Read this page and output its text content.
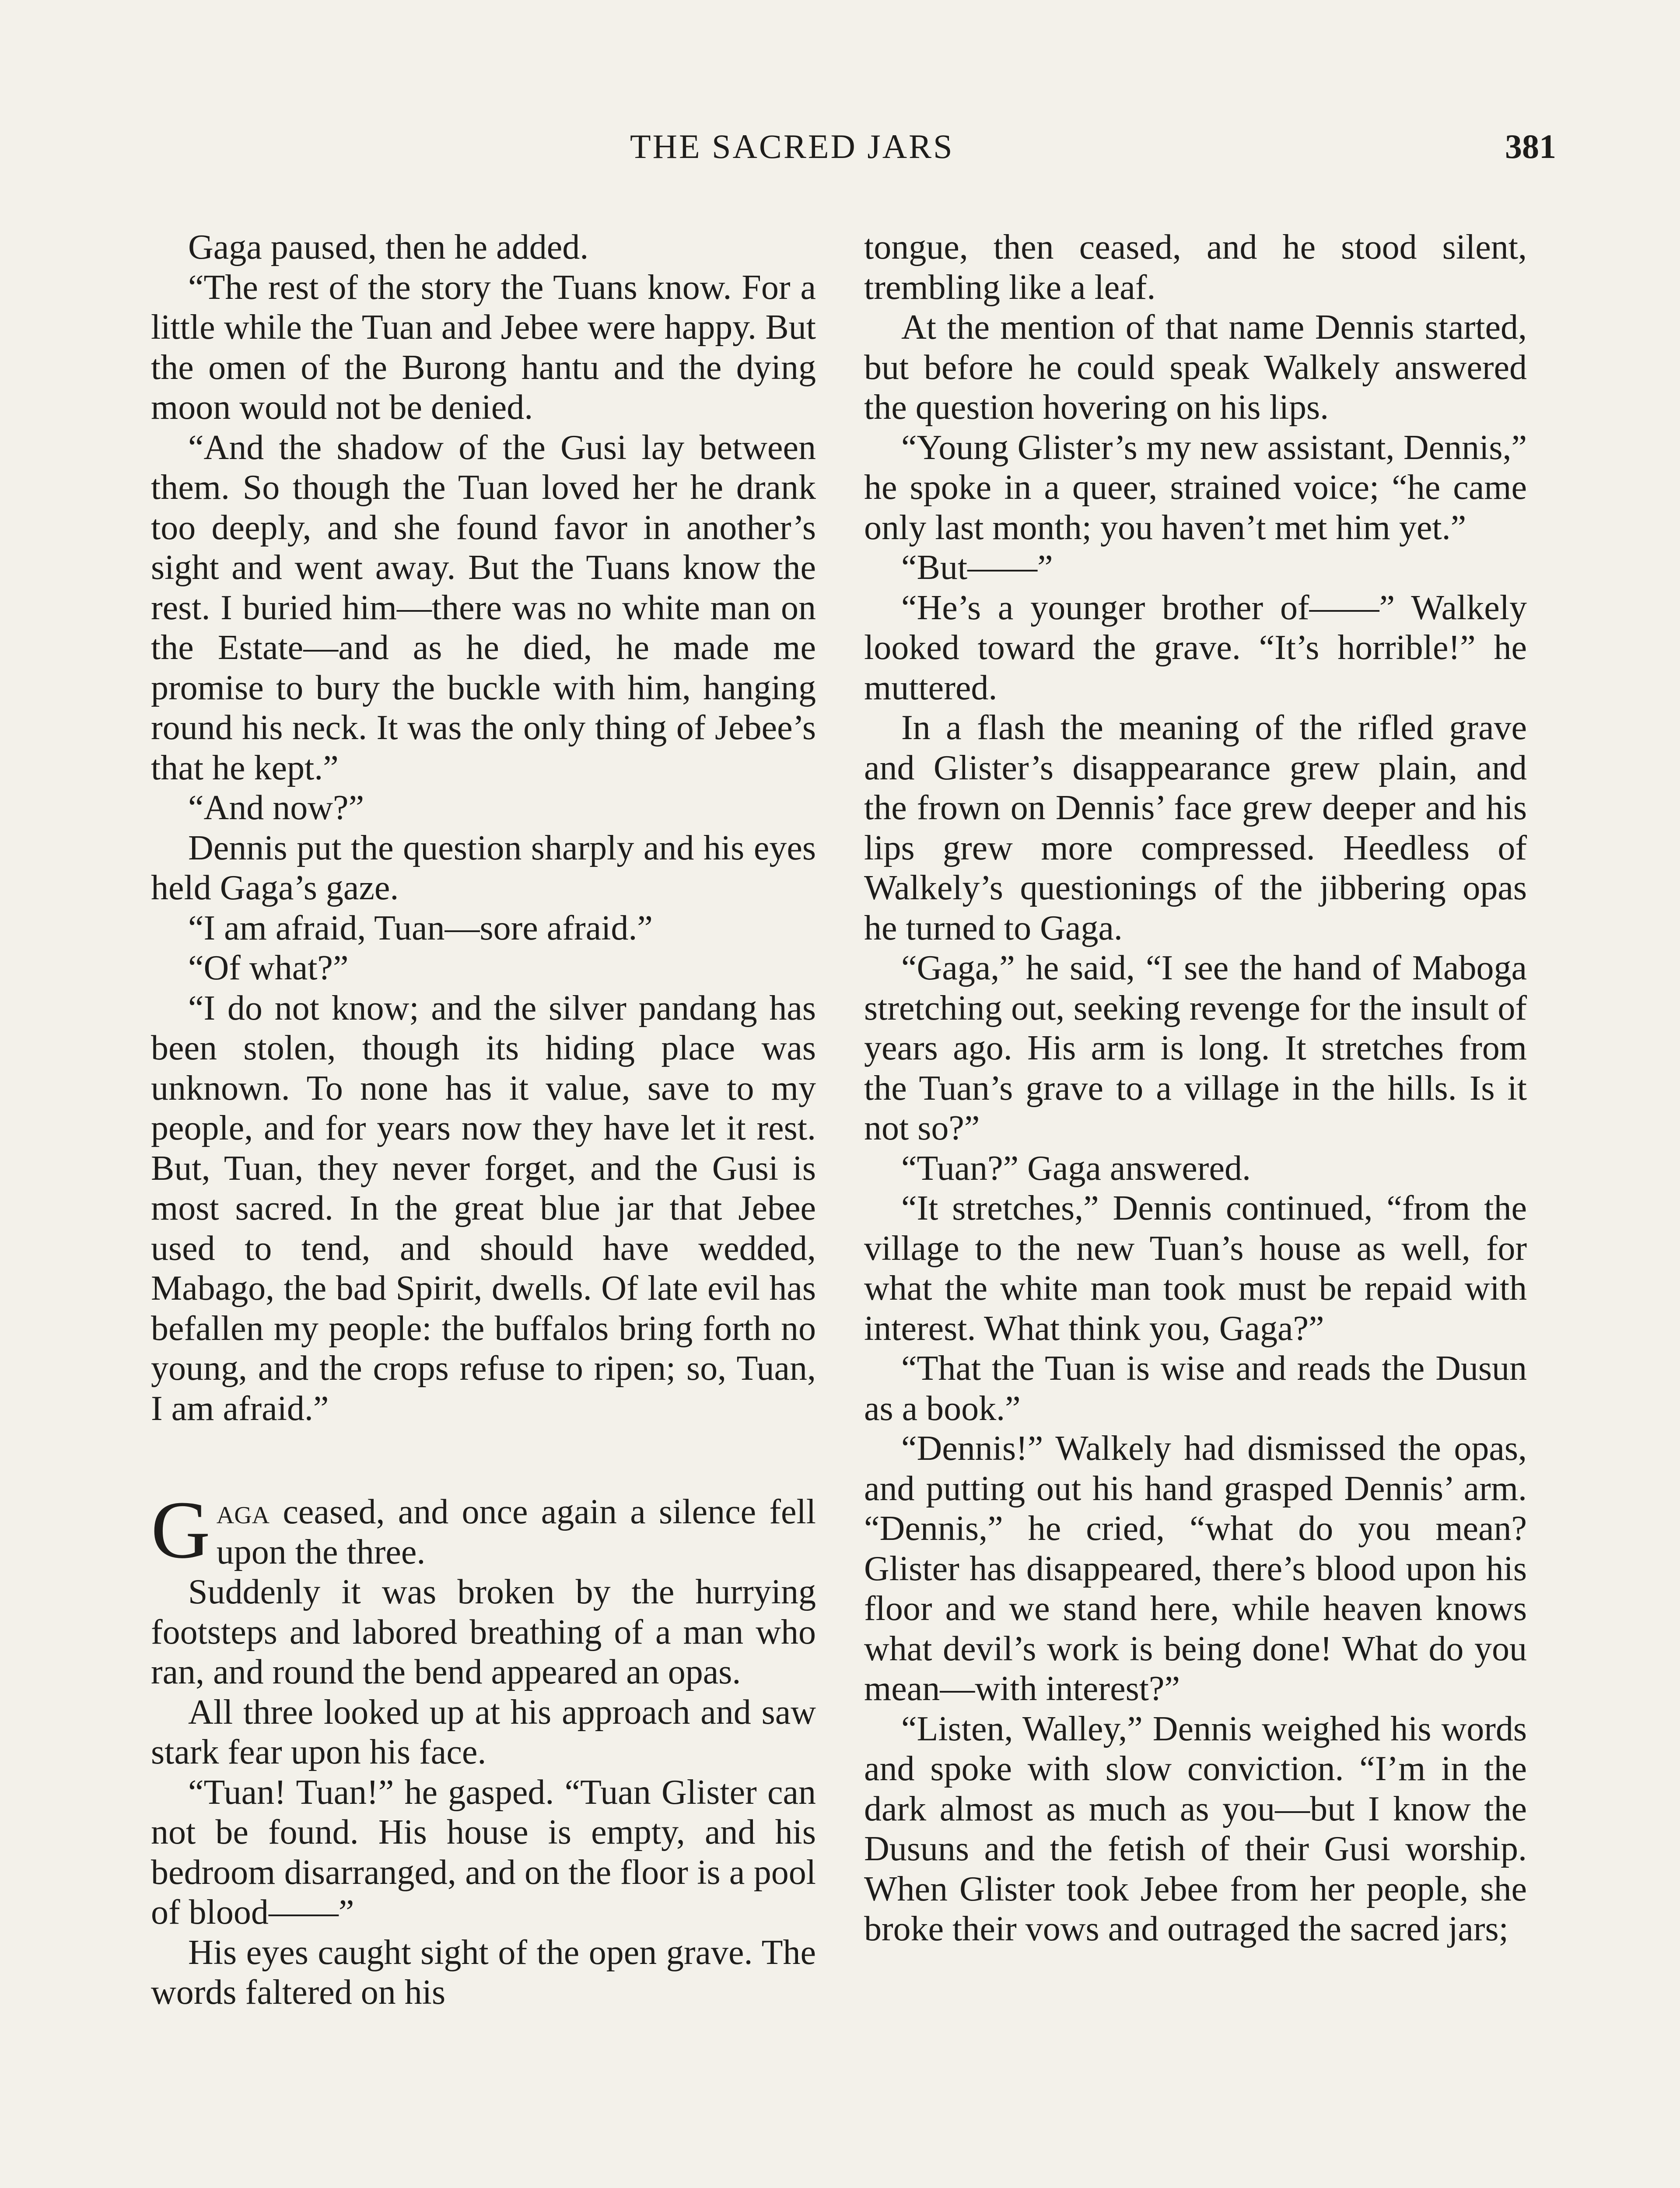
THE SACRED JARS	381

Gaga paused, then he added.

“The rest of the story the Tuans know. For a little while the Tuan and Jebee were happy. But the omen of the Burong hantu and the dying moon would not be denied.

“And the shadow of the Gusi lay between them. So though the Tuan loved her he drank too deeply, and she found favor in another’s sight and went away. But the Tuans know the rest. I buried him—there was no white man on the Estate—and as he died, he made me promise to bury the buckle with him, hanging round his neck. It was the only thing of Jebee’s that he kept.”

“And now?”

Dennis put the question sharply and his eyes held Gaga’s gaze.

“I am afraid, Tuan—sore afraid.”

“Of what?”

“I do not know; and the silver pandang has been stolen, though its hiding place was unknown. To none has it value, save to my people, and for years now they have let it rest. But, Tuan, they never forget, and the Gusi is most sacred. In the great blue jar that Jebee used to tend, and should have wedded, Mabago, the bad Spirit, dwells. Of late evil has befallen my people: the buffalos bring forth no young, and the crops refuse to ripen; so, Tuan, I am afraid.”

Gaga ceased, and once again a silence fell upon the three.

Suddenly it was broken by the hurrying footsteps and labored breathing of a man who ran, and round the bend appeared an opas.

All three looked up at his approach and saw stark fear upon his face.

“Tuan! Tuan!” he gasped. “Tuan Glister can not be found. His house is empty, and his bedroom disarranged, and on the floor is a pool of blood——”

His eyes caught sight of the open grave. The words faltered on his

tongue, then ceased, and he stood silent, trembling like a leaf.

At the mention of that name Dennis started, but before he could speak Walkely answered the question hovering on his lips.

“Young Glister’s my new assistant, Dennis,” he spoke in a queer, strained voice; “he came only last month; you haven’t met him yet.”

“But——”

“He’s a younger brother of——” Walkely looked toward the grave. “It’s horrible!” he muttered.

In a flash the meaning of the rifled grave and Glister’s disappearance grew plain, and the frown on Dennis’ face grew deeper and his lips grew more compressed. Heedless of Walkely’s questionings of the jibbering opas he turned to Gaga.

“Gaga,” he said, “I see the hand of Maboga stretching out, seeking revenge for the insult of years ago. His arm is long. It stretches from the Tuan’s grave to a village in the hills. Is it not so?”

“Tuan?” Gaga answered.

“It stretches,” Dennis continued, “from the village to the new Tuan’s house as well, for what the white man took must be repaid with interest. What think you, Gaga?”

“That the Tuan is wise and reads the Dusun as a book.”

“Dennis!” Walkely had dismissed the opas, and putting out his hand grasped Dennis’ arm. “Dennis,” he cried, “what do you mean? Glister has disappeared, there’s blood upon his floor and we stand here, while heaven knows what devil’s work is being done! What do you mean—with interest?”

“Listen, Walley,” Dennis weighed his words and spoke with slow conviction. “I’m in the dark almost as much as you—but I know the Dusuns and the fetish of their Gusi worship. When Glister took Jebee from her people, she broke their vows and outraged the sacred jars;
